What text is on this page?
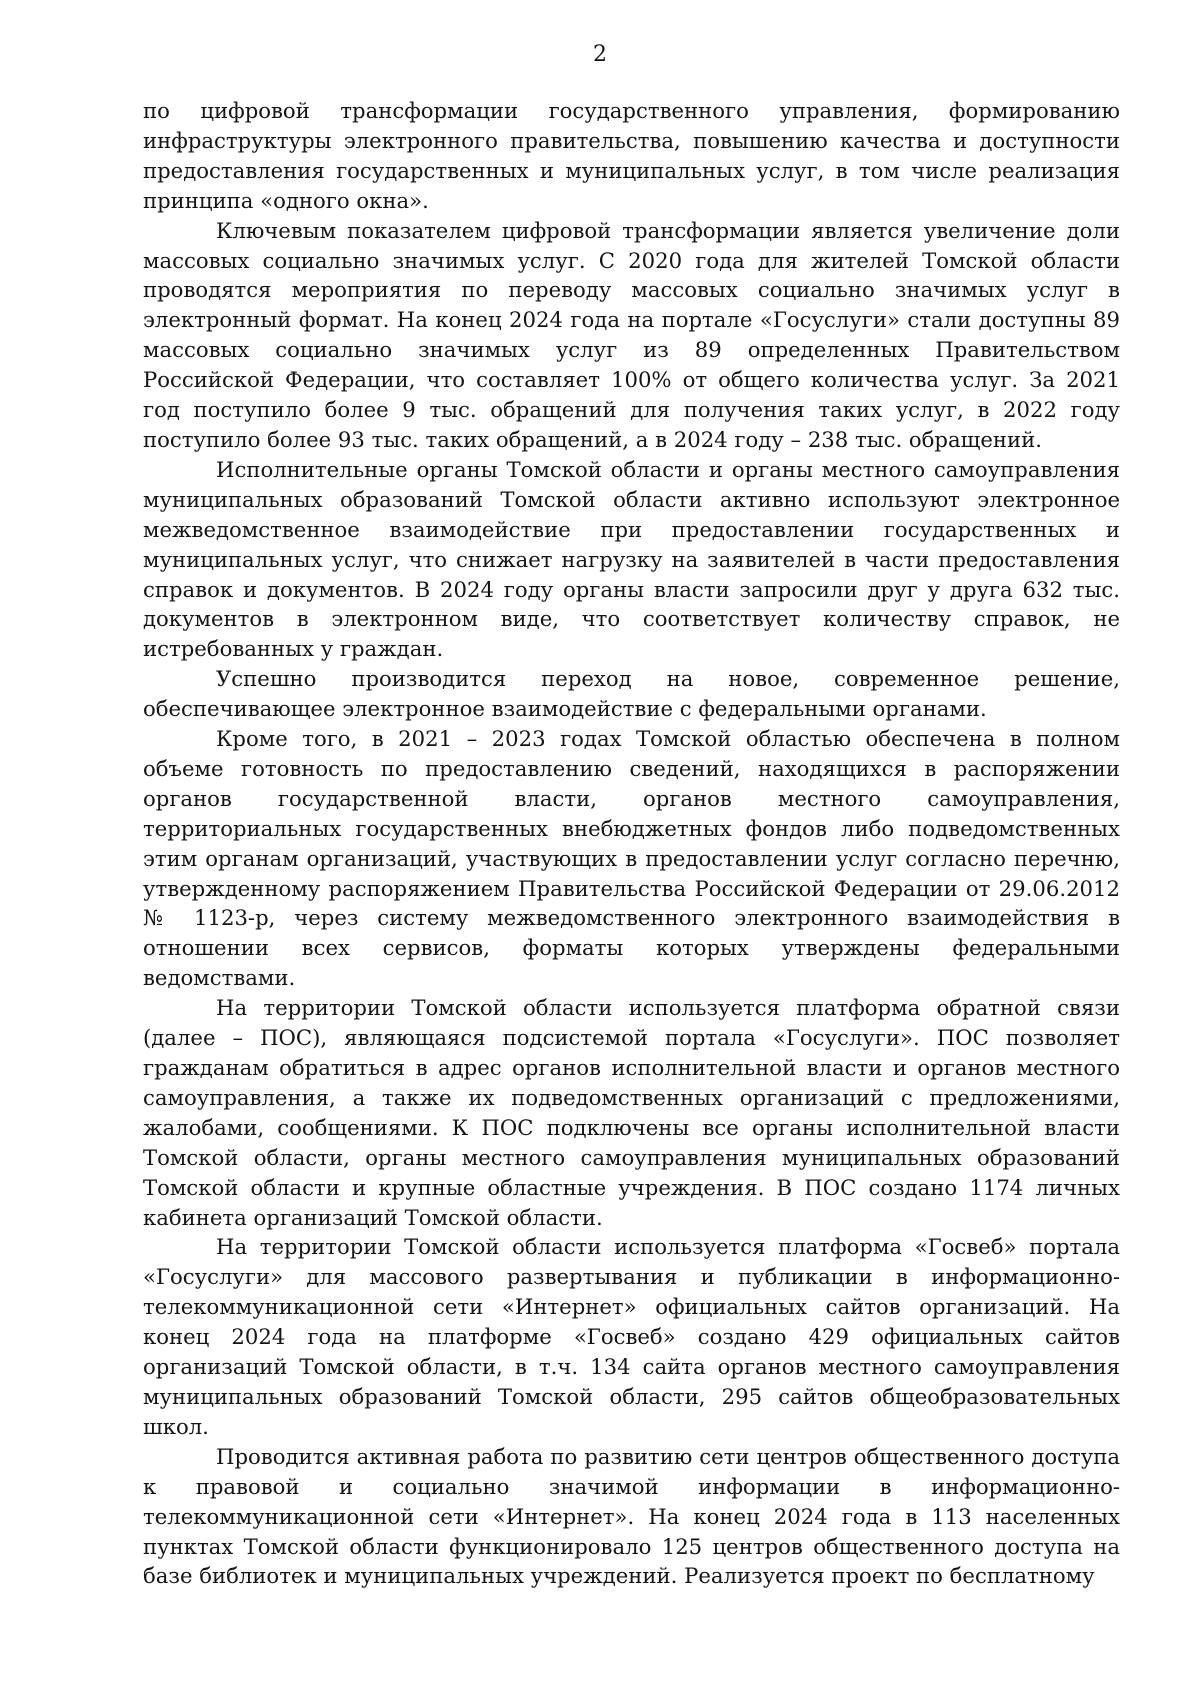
2

по цифровой трансформации государственного управления, формированию инфраструктуры электронного правительства, повышению качества и доступности предоставления государственных и муниципальных услуг, в том числе реализация принципа «одного окна».

Ключевым показателем цифровой трансформации является увеличение доли массовых социально значимых услуг. С 2020 года для жителей Томской области проводятся мероприятия по переводу массовых социально значимых услуг в электронный формат. На конец 2024 года на портале «Госуслуги» стали доступны 89 массовых социально значимых услуг из 89 определенных Правительством Российской Федерации, что составляет 100% от общего количества услуг. За 2021 год поступило более 9 тыс. обращений для получения таких услуг, в 2022 году поступило более 93 тыс. таких обращений, а в 2024 году – 238 тыс. обращений.

Исполнительные органы Томской области и органы местного самоуправления муниципальных образований Томской области активно используют электронное межведомственное взаимодействие при предоставлении государственных и муниципальных услуг, что снижает нагрузку на заявителей в части предоставления справок и документов. В 2024 году органы власти запросили друг у друга 632 тыс. документов в электронном виде, что соответствует количеству справок, не истребованных у граждан.

Успешно производится переход на новое, современное решение, обеспечивающее электронное взаимодействие с федеральными органами.

Кроме того, в 2021 – 2023 годах Томской областью обеспечена в полном объеме готовность по предоставлению сведений, находящихся в распоряжении органов государственной власти, органов местного самоуправления, территориальных государственных внебюджетных фондов либо подведомственных этим органам организаций, участвующих в предоставлении услуг согласно перечню, утвержденному распоряжением Правительства Российской Федерации от 29.06.2012 № 1123-р, через систему межведомственного электронного взаимодействия в отношении всех сервисов, форматы которых утверждены федеральными ведомствами.

На территории Томской области используется платформа обратной связи (далее – ПОС), являющаяся подсистемой портала «Госуслуги». ПОС позволяет гражданам обратиться в адрес органов исполнительной власти и органов местного самоуправления, а также их подведомственных организаций с предложениями, жалобами, сообщениями. К ПОС подключены все органы исполнительной власти Томской области, органы местного самоуправления муниципальных образований Томской области и крупные областные учреждения. В ПОС создано 1174 личных кабинета организаций Томской области.

На территории Томской области используется платформа «Госвеб» портала «Госуслуги» для массового развертывания и публикации в информационно-телекоммуникационной сети «Интернет» официальных сайтов организаций. На конец 2024 года на платформе «Госвеб» создано 429 официальных сайтов организаций Томской области, в т.ч. 134 сайта органов местного самоуправления муниципальных образований Томской области, 295 сайтов общеобразовательных школ.

Проводится активная работа по развитию сети центров общественного доступа к правовой и социально значимой информации в информационно-телекоммуникационной сети «Интернет». На конец 2024 года в 113 населенных пунктах Томской области функционировало 125 центров общественного доступа на базе библиотек и муниципальных учреждений. Реализуется проект по бесплатному
